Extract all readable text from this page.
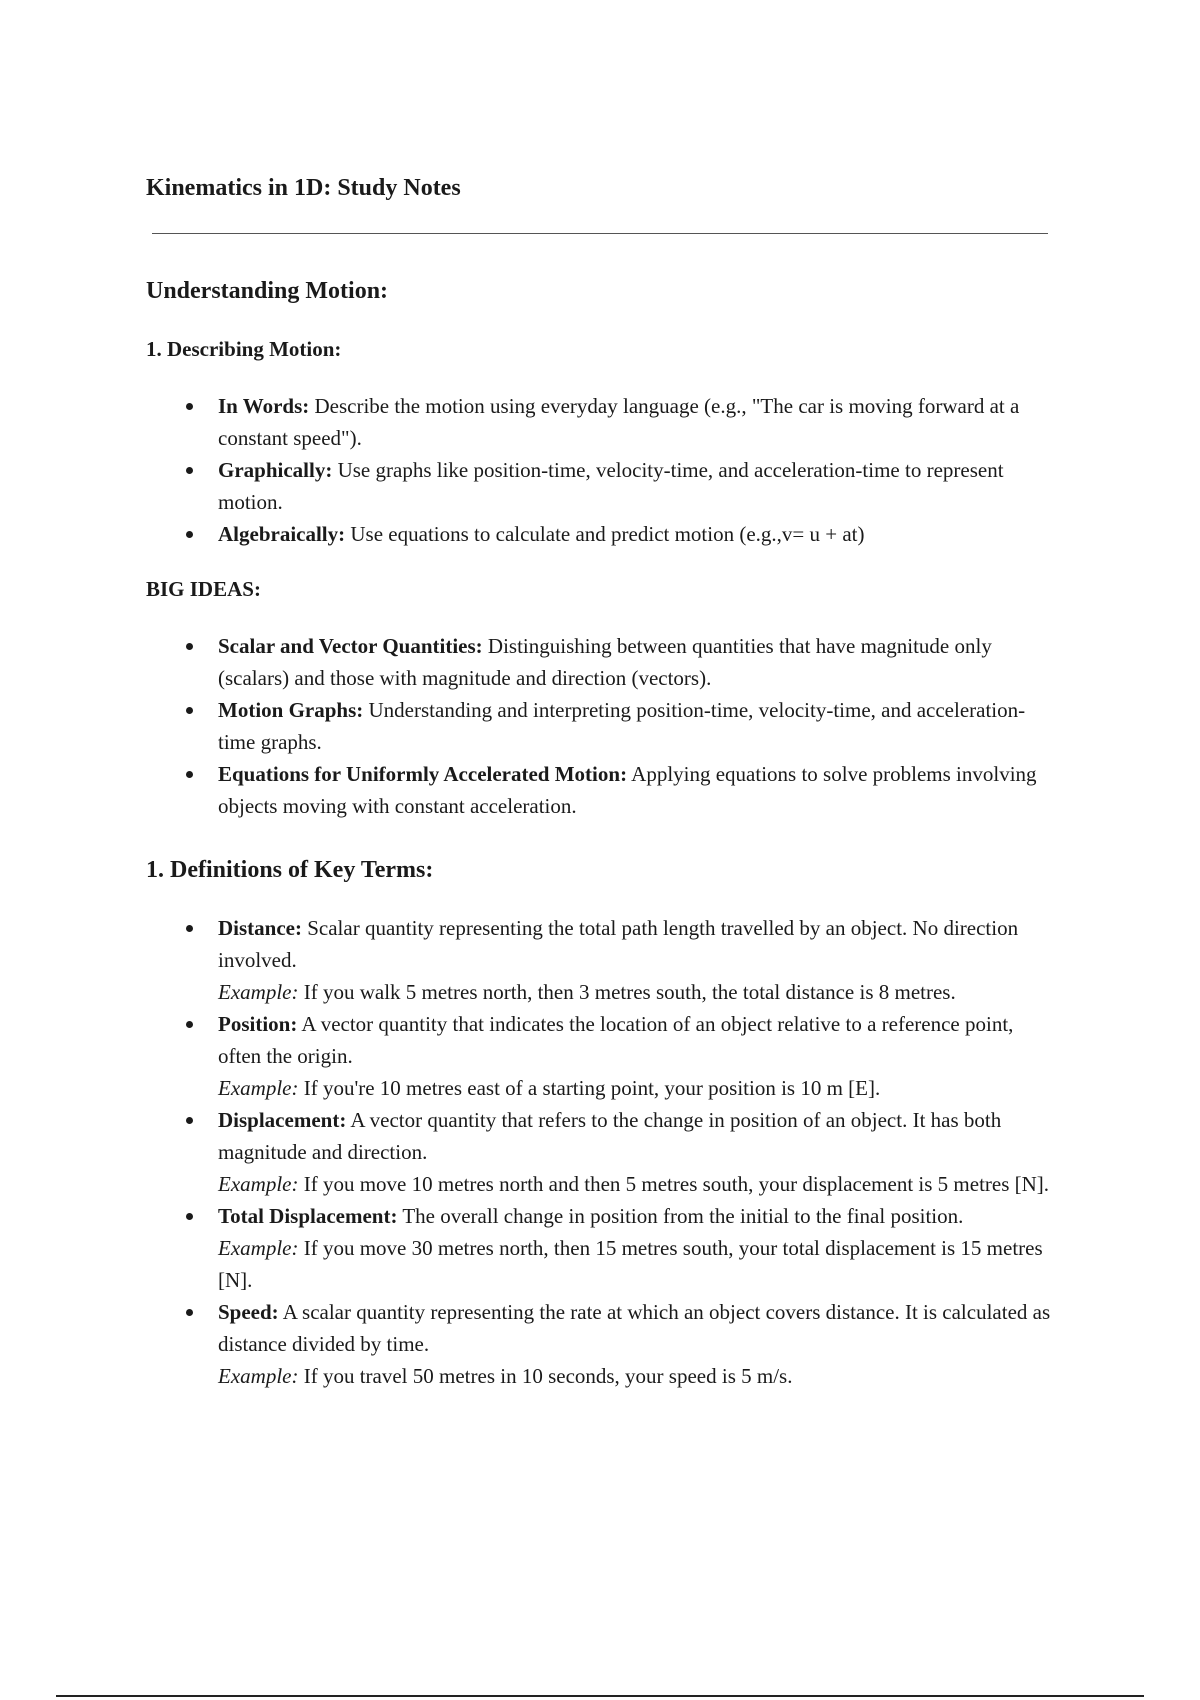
Kinematics in 1D: Study Notes
Understanding Motion:
1. Describing Motion:
In Words: Describe the motion using everyday language (e.g., "The car is moving forward at a constant speed").
Graphically: Use graphs like position-time, velocity-time, and acceleration-time to represent motion.
Algebraically: Use equations to calculate and predict motion (e.g.,v= u + at)
BIG IDEAS:
Scalar and Vector Quantities: Distinguishing between quantities that have magnitude only (scalars) and those with magnitude and direction (vectors).
Motion Graphs: Understanding and interpreting position-time, velocity-time, and acceleration-time graphs.
Equations for Uniformly Accelerated Motion: Applying equations to solve problems involving objects moving with constant acceleration.
1. Definitions of Key Terms:
Distance: Scalar quantity representing the total path length travelled by an object. No direction involved.
Example: If you walk 5 metres north, then 3 metres south, the total distance is 8 metres.
Position: A vector quantity that indicates the location of an object relative to a reference point, often the origin.
Example: If you're 10 metres east of a starting point, your position is 10 m [E].
Displacement: A vector quantity that refers to the change in position of an object. It has both magnitude and direction.
Example: If you move 10 metres north and then 5 metres south, your displacement is 5 metres [N].
Total Displacement: The overall change in position from the initial to the final position.
Example: If you move 30 metres north, then 15 metres south, your total displacement is 15 metres [N].
Speed: A scalar quantity representing the rate at which an object covers distance. It is calculated as distance divided by time.
Example: If you travel 50 metres in 10 seconds, your speed is 5 m/s.
